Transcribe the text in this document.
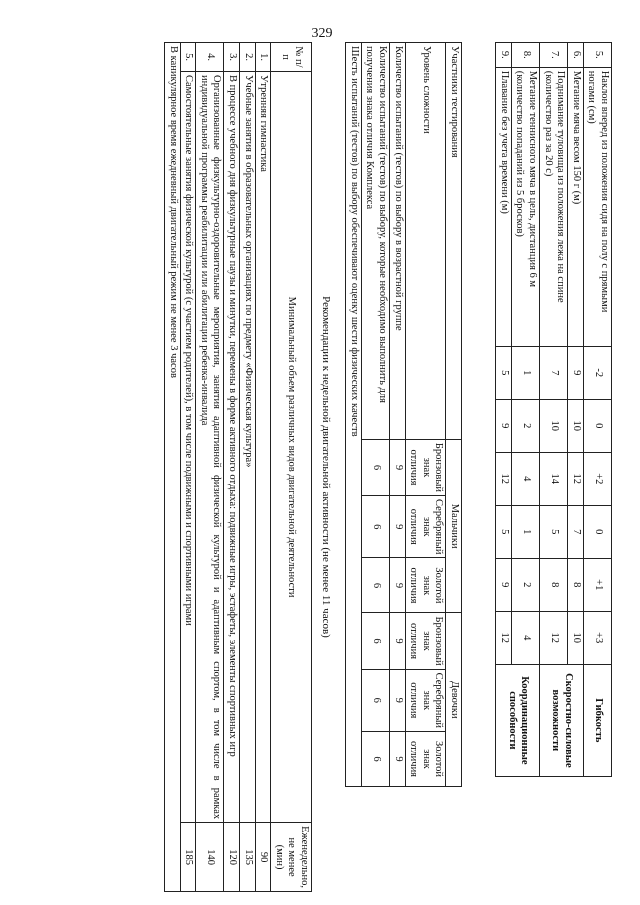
329
5.	Наклон вперед из положения сидя на полу с прямыми ногами (см)	-2	0	+2	0	+1	+3	Гибкость
6.	Метание мяча весом 150 г (м)	9	10	12	7	8	10	Скоростно-силовые возможности
7.	Поднимание туловища из положения лежа на спине (количество раз за 20 с)	7	10	14	5	8	12	
8.	Метание теннисного мяча в цель, дистанция 6 м (количество попаданий из 5 бросков)	1	2	4	1	2	4	Координационные способности
9.	Плавание без учета времени (м)	5	9	12	5	9	12	
Участники тестирования	Мальчики			Девочки		
Уровень сложности	Бронзовый знак отличия	Серебряный знак отличия	Золотой знак отличия	Бронзовый знак отличия	Серебряный знак отличия	Золотой знак отличия
Количество испытаний (тестов) по выбору в возрастной группе	9	9	9	9	9	9
Количество испытаний (тестов) по выбору, которые необходимо выполнить для получения знака отличия Комплекса	6	6	6	6	6	6
Шесть испытаний (тестов) по выбору обеспечивают оценку шести физических качеств						
Рекомендации к недельной двигательной активности (не менее 11 часов)
№ п/п	Минимальный объем различных видов двигательной деятельности	Еженедельно, не менее (мин)
1.	Утренняя гимнастика	90
2.	Учебные занятия в образовательных организациях по предмету «Физическая культура»	135
3.	В процессе учебного дня физкультурные паузы и минутки, перемены в форме активного отдыха: подвижные игры, эстафеты, элементы спортивных игр	120
4.	Организованные физкультурно-оздоровительные мероприятия, занятия адаптивной физической культурой и адаптивным спортом, в том числе в рамках индивидуальной программы реабилитации или абилитации ребенка-инвалида	140
5.	Самостоятельные занятия физической культурой (с участием родителей), в том числе подвижными и спортивными играми	185
В каникулярное время ежедневный двигательный режим не менее 3 часов		
